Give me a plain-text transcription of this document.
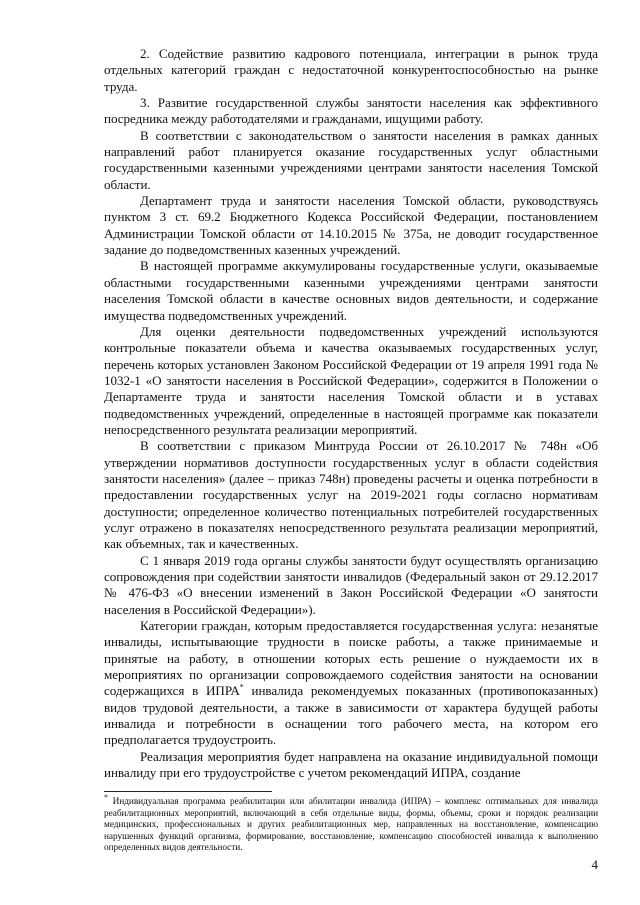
2. Содействие развитию кадрового потенциала, интеграции в рынок труда отдельных категорий граждан с недостаточной конкурентоспособностью на рынке труда.

3. Развитие государственной службы занятости населения как эффективного посредника между работодателями и гражданами, ищущими работу.

В соответствии с законодательством о занятости населения в рамках данных направлений работ планируется оказание государственных услуг областными государственными казенными учреждениями центрами занятости населения Томской области.

Департамент труда и занятости населения Томской области, руководствуясь пунктом 3 ст. 69.2 Бюджетного Кодекса Российской Федерации, постановлением Администрации Томской области от 14.10.2015 № 375а, не доводит государственное задание до подведомственных казенных учреждений.

В настоящей программе аккумулированы государственные услуги, оказываемые областными государственными казенными учреждениями центрами занятости населения Томской области в качестве основных видов деятельности, и содержание имущества подведомственных учреждений.

Для оценки деятельности подведомственных учреждений используются контрольные показатели объема и качества оказываемых государственных услуг, перечень которых установлен Законом Российской Федерации от 19 апреля 1991 года № 1032-1 «О занятости населения в Российской Федерации», содержится в Положении о Департаменте труда и занятости населения Томской области и в уставах подведомственных учреждений, определенные в настоящей программе как показатели непосредственного результата реализации мероприятий.

В соответствии с приказом Минтруда России от 26.10.2017 № 748н «Об утверждении нормативов доступности государственных услуг в области содействия занятости населения» (далее – приказ 748н) проведены расчеты и оценка потребности в предоставлении государственных услуг на 2019-2021 годы согласно нормативам доступности; определенное количество потенциальных потребителей государственных услуг отражено в показателях непосредственного результата реализации мероприятий, как объемных, так и качественных.

С 1 января 2019 года органы службы занятости будут осуществлять организацию сопровождения при содействии занятости инвалидов (Федеральный закон от 29.12.2017 № 476-ФЗ «О внесении изменений в Закон Российской Федерации «О занятости населения в Российской Федерации»).

Категории граждан, которым предоставляется государственная услуга: незанятые инвалиды, испытывающие трудности в поиске работы, а также принимаемые и принятые на работу, в отношении которых есть решение о нуждаемости их в мероприятиях по организации сопровождаемого содействия занятости на основании содержащихся в ИПРА* инвалида рекомендуемых показанных (противопоказанных) видов трудовой деятельности, а также в зависимости от характера будущей работы инвалида и потребности в оснащении того рабочего места, на котором его предполагается трудоустроить.

Реализация мероприятия будет направлена на оказание индивидуальной помощи инвалиду при его трудоустройстве с учетом рекомендаций ИПРА, создание

* Индивидуальная программа реабилитации или абилитации инвалида (ИПРА) – комплекс оптимальных для инвалида реабилитационных мероприятий, включающий в себя отдельные виды, формы, объемы, сроки и порядок реализации медицинских, профессиональных и других реабилитационных мер, направленных на восстановление, компенсацию нарушенных функций организма, формирование, восстановление, компенсацию способностей инвалида к выполнению определенных видов деятельности.

4
